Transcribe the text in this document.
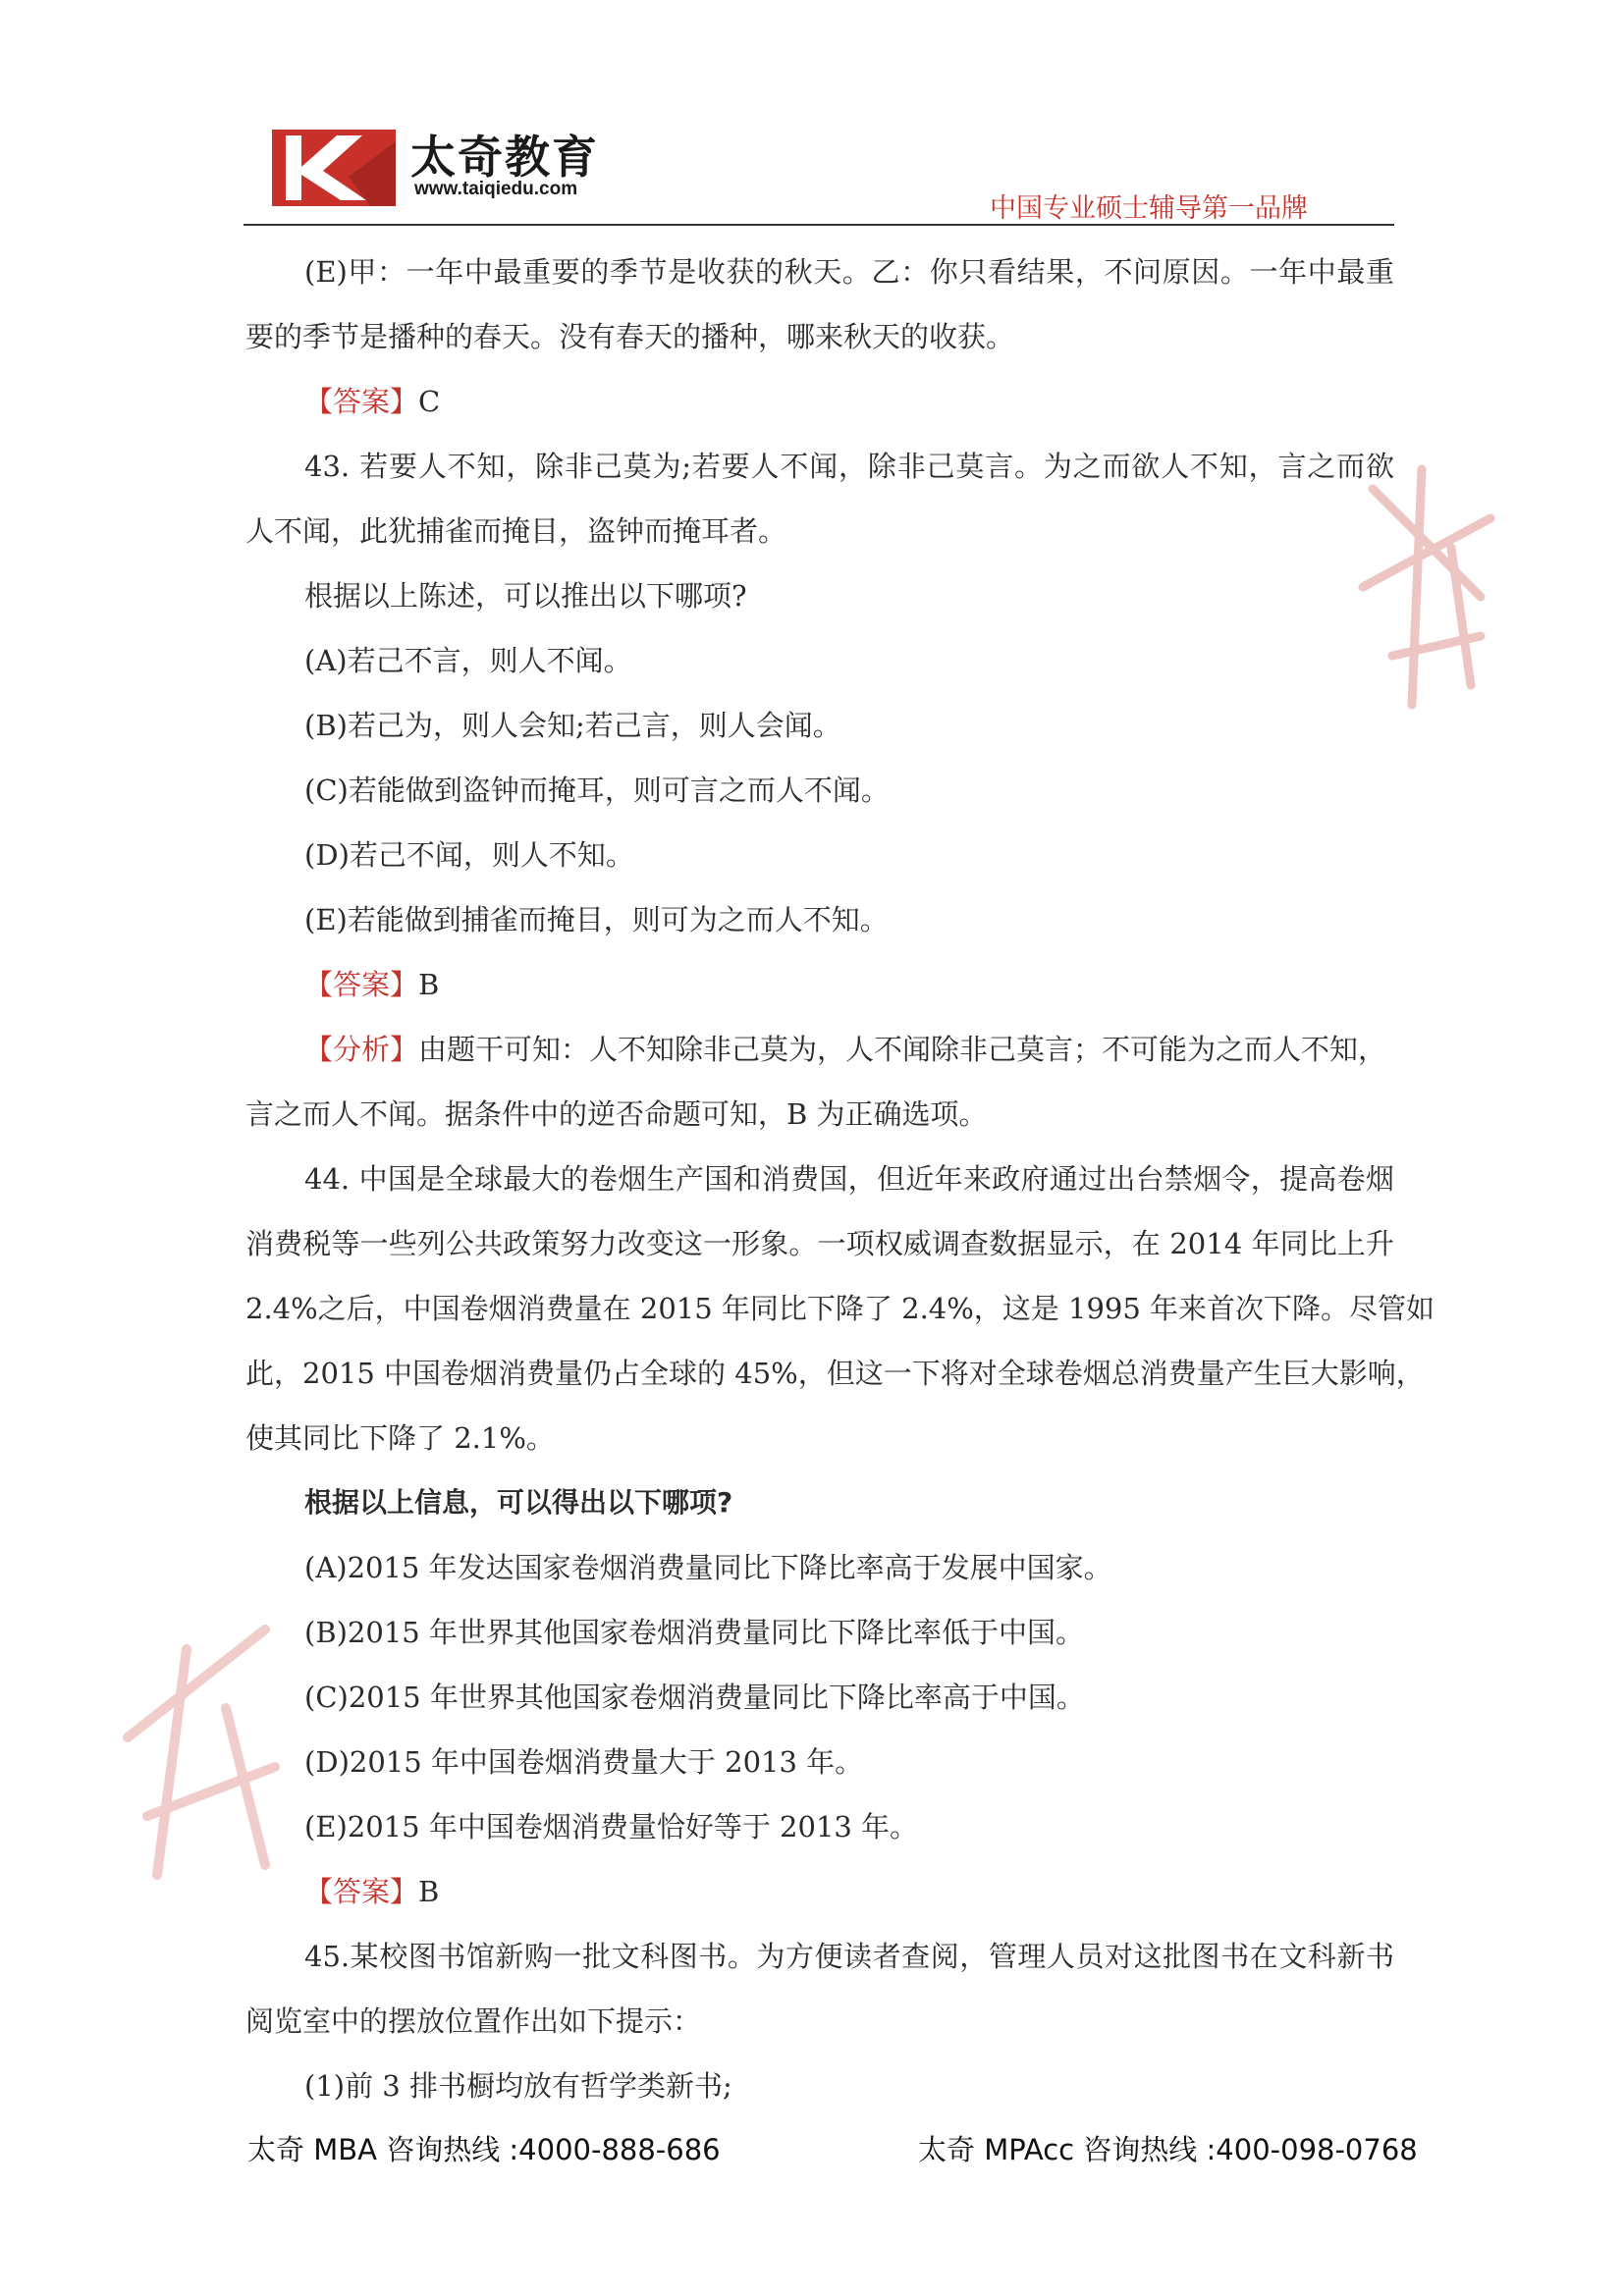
太奇教育
www.taiqiedu.com
中国专业硕士辅导第一品牌
(E)甲：一年中最重要的季节是收获的秋天。乙：你只看结果，不问原因。一年中最重
要的季节是播种的春天。没有春天的播种，哪来秋天的收获。
【答案】C
43. 若要人不知，除非己莫为;若要人不闻，除非己莫言。为之而欲人不知，言之而欲
人不闻，此犹捕雀而掩目，盗钟而掩耳者。
根据以上陈述，可以推出以下哪项?
(A)若己不言，则人不闻。
(B)若己为，则人会知;若己言，则人会闻。
(C)若能做到盗钟而掩耳，则可言之而人不闻。
(D)若己不闻，则人不知。
(E)若能做到捕雀而掩目，则可为之而人不知。
【答案】B
【分析】由题干可知：人不知除非己莫为，人不闻除非己莫言；不可能为之而人不知，
言之而人不闻。据条件中的逆否命题可知，B 为正确选项。
44. 中国是全球最大的卷烟生产国和消费国，但近年来政府通过出台禁烟令，提高卷烟
消费税等一些列公共政策努力改变这一形象。一项权威调查数据显示，在 2014 年同比上升
2.4%之后，中国卷烟消费量在 2015 年同比下降了 2.4%，这是 1995 年来首次下降。尽管如
此，2015 中国卷烟消费量仍占全球的 45%，但这一下将对全球卷烟总消费量产生巨大影响，
使其同比下降了 2.1%。
根据以上信息，可以得出以下哪项?
(A)2015 年发达国家卷烟消费量同比下降比率高于发展中国家。
(B)2015 年世界其他国家卷烟消费量同比下降比率低于中国。
(C)2015 年世界其他国家卷烟消费量同比下降比率高于中国。
(D)2015 年中国卷烟消费量大于 2013 年。
(E)2015 年中国卷烟消费量恰好等于 2013 年。
【答案】B
45.某校图书馆新购一批文科图书。为方便读者查阅，管理人员对这批图书在文科新书
阅览室中的摆放位置作出如下提示：
(1)前 3 排书橱均放有哲学类新书;
太奇 MBA 咨询热线 :4000-888-686	太奇 MPAcc 咨询热线 :400-098-0768
